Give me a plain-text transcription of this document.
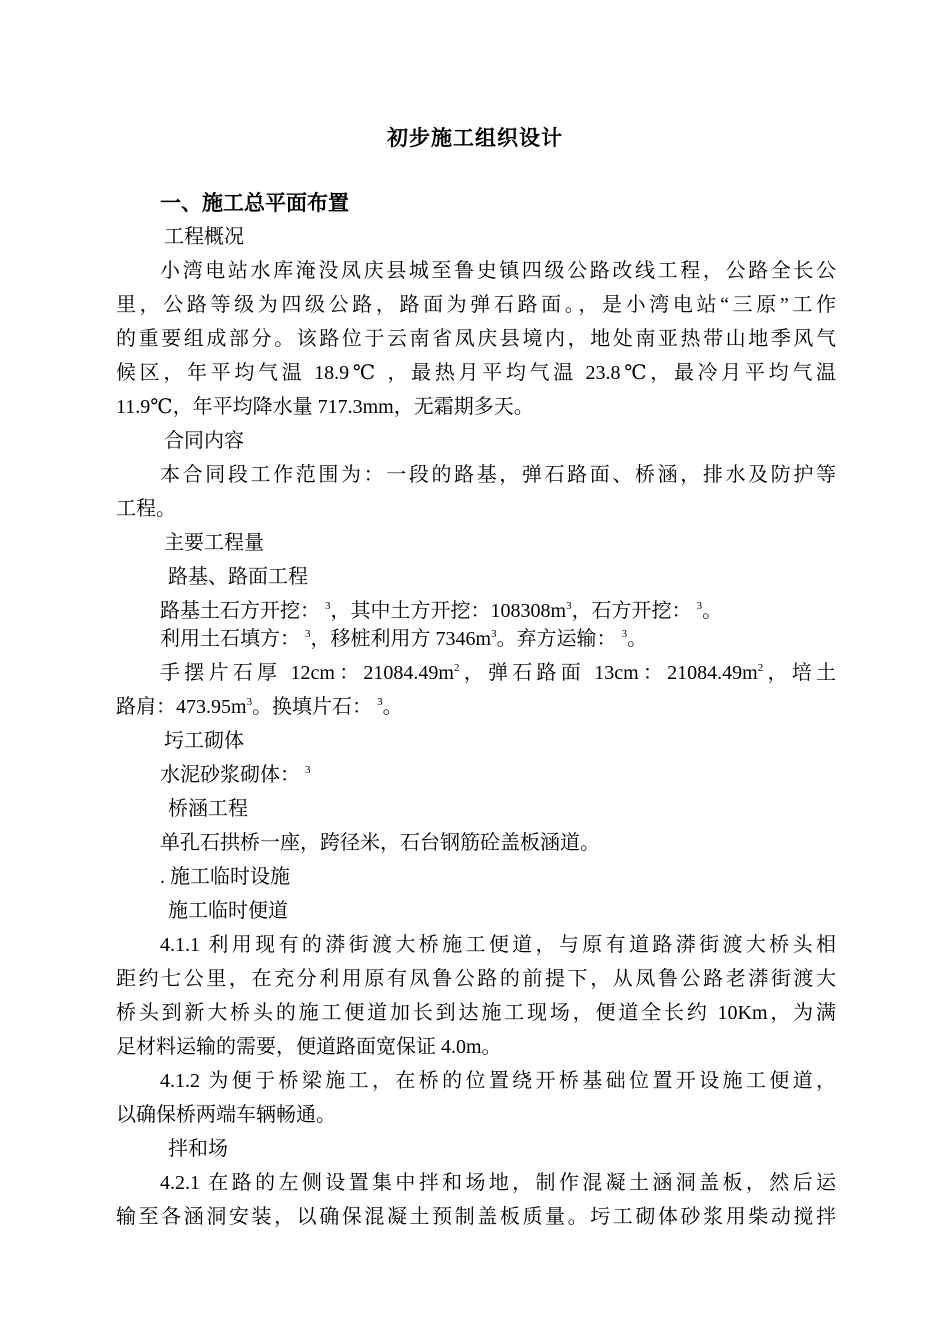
初步施工组织设计
一、施工总平面布置
工程概况
小湾电站水库淹没凤庆县城至鲁史镇四级公路改线工程，公路全长公
里，公路等级为四级公路，路面为弹石路面。，是小湾电站“三原”工作
的重要组成部分。该路位于云南省凤庆县境内，地处南亚热带山地季风气
候区，年平均气温 18.9℃ ，最热月平均气温 23.8℃，最冷月平均气温
11.9℃，年平均降水量 717.3mm，无霜期多天。
合同内容
本合同段工作范围为：一段的路基，弹石路面、桥涵，排水及防护等
工程。
主要工程量
路基、路面工程
路基土石方开挖： $^3$，其中土方开挖：$108308m^3$，石方开挖： $^3$。
利用土石填方： $^3$，移桩利用方 $7346m^3$。弃方运输： $^3$。
手摆片石厚 12cm：$21084.49m^2$，弹石路面 13cm：$21084.49m^2$，培土
路肩：$473.95m^3$。换填片石： $^3$。
圬工砌体
水泥砂浆砌体： $^3$
桥涵工程
单孔石拱桥一座，跨径米，石台钢筋砼盖板涵道。
. 施工临时设施
施工临时便道
4.1.1 利用现有的漭街渡大桥施工便道，与原有道路漭街渡大桥头相
距约七公里，在充分利用原有凤鲁公路的前提下，从凤鲁公路老漭街渡大
桥头到新大桥头的施工便道加长到达施工现场，便道全长约 10Km，为满
足材料运输的需要，便道路面宽保证 4.0m。
4.1.2 为便于桥梁施工，在桥的位置绕开桥基础位置开设施工便道，
以确保桥两端车辆畅通。
拌和场
4.2.1 在路的左侧设置集中拌和场地，制作混凝土涵洞盖板，然后运
输至各涵洞安装，以确保混凝土预制盖板质量。圬工砌体砂浆用柴动搅拌
